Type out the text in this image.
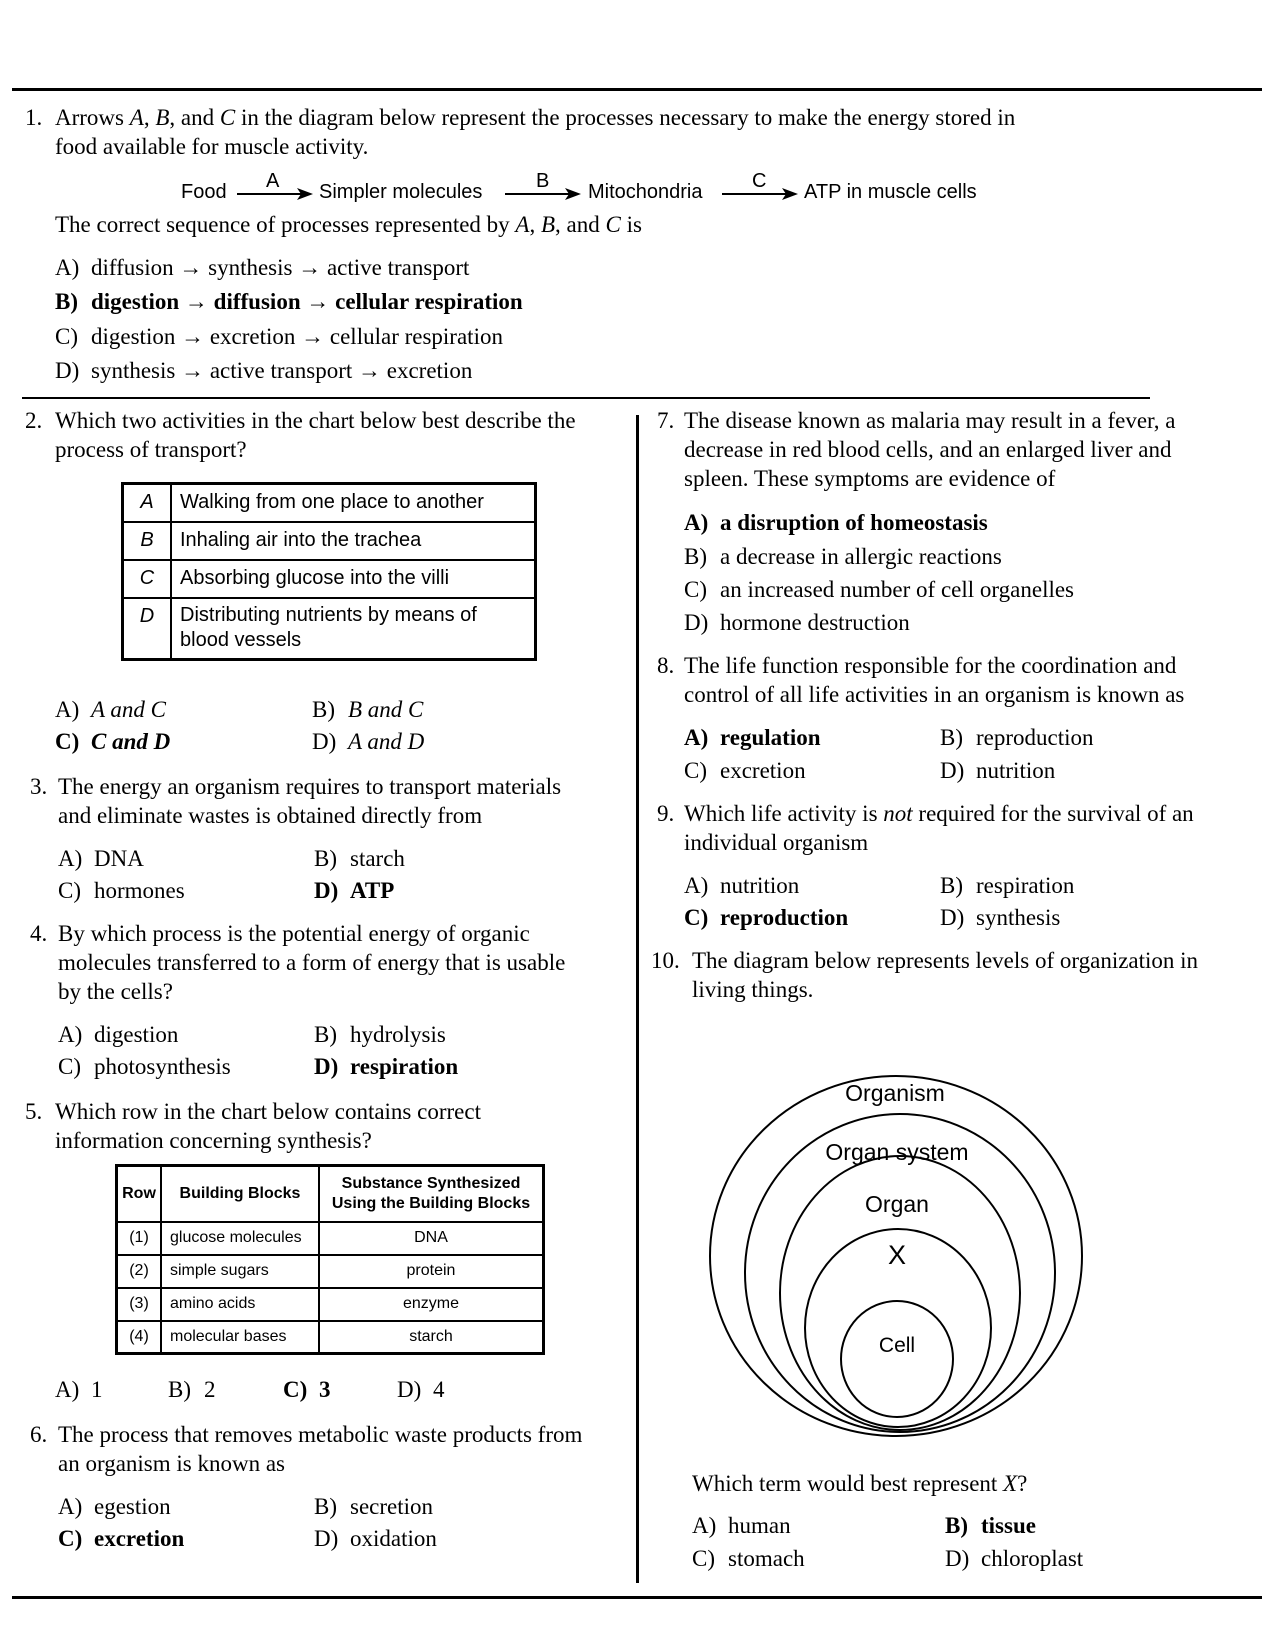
1. Arrows A, B, and C in the diagram below represent the processes necessary to make the energy stored in
food available for muscle activity.
Food A Simpler molecules	B Mitochondria C ATP in muscle cells
The correct sequence of processes represented by A, B, and C is
A) diffusion → synthesis → active transport
B) digestion → diffusion → cellular respiration
C) digestion → excretion → cellular respiration
D) synthesis → active transport → excretion
2. Which two activities in the chart below best describe the
process of transport?
A	Walking from one place to another
B	Inhaling air into the trachea
C	Absorbing glucose into the villi
D	Distributing nutrients by means of
blood vessels
A) A and C	B) B and C
C) C and D	D) A and D
3. The energy an organism requires to transport materials
and eliminate wastes is obtained directly from
A) DNA	B) starch
C) hormones	D) ATP
4. By which process is the potential energy of organic
molecules transferred to a form of energy that is usable
by the cells?
A) digestion	B) hydrolysis
C) photosynthesis	D) respiration
5. Which row in the chart below contains correct
information concerning synthesis?
Row	Building Blocks	Substance Synthesized
Using the Building Blocks
(1)	glucose molecules	DNA
(2)	simple sugars	protein
(3)	amino acids	enzyme
(4)	molecular bases	starch
A) 1	B) 2	C) 3	D) 4
6. The process that removes metabolic waste products from
an organism is known as
A) egestion	B) secretion
C) excretion	D) oxidation
7. The disease known as malaria may result in a fever, a
decrease in red blood cells, and an enlarged liver and
spleen. These symptoms are evidence of
A) a disruption of homeostasis
B) a decrease in allergic reactions
C) an increased number of cell organelles
D) hormone destruction
8. The life function responsible for the coordination and
control of all life activities in an organism is known as
A) regulation	B) reproduction
C) excretion	D) nutrition
9. Which life activity is not required for the survival of an
individual organism
A) nutrition	B) respiration
C) reproduction	D) synthesis
10. The diagram below represents levels of organization in
living things.
Organism
Organ system
Organ
X
Cell
Which term would best represent X?
A) human	B) tissue
C) stomach	D) chloroplast
